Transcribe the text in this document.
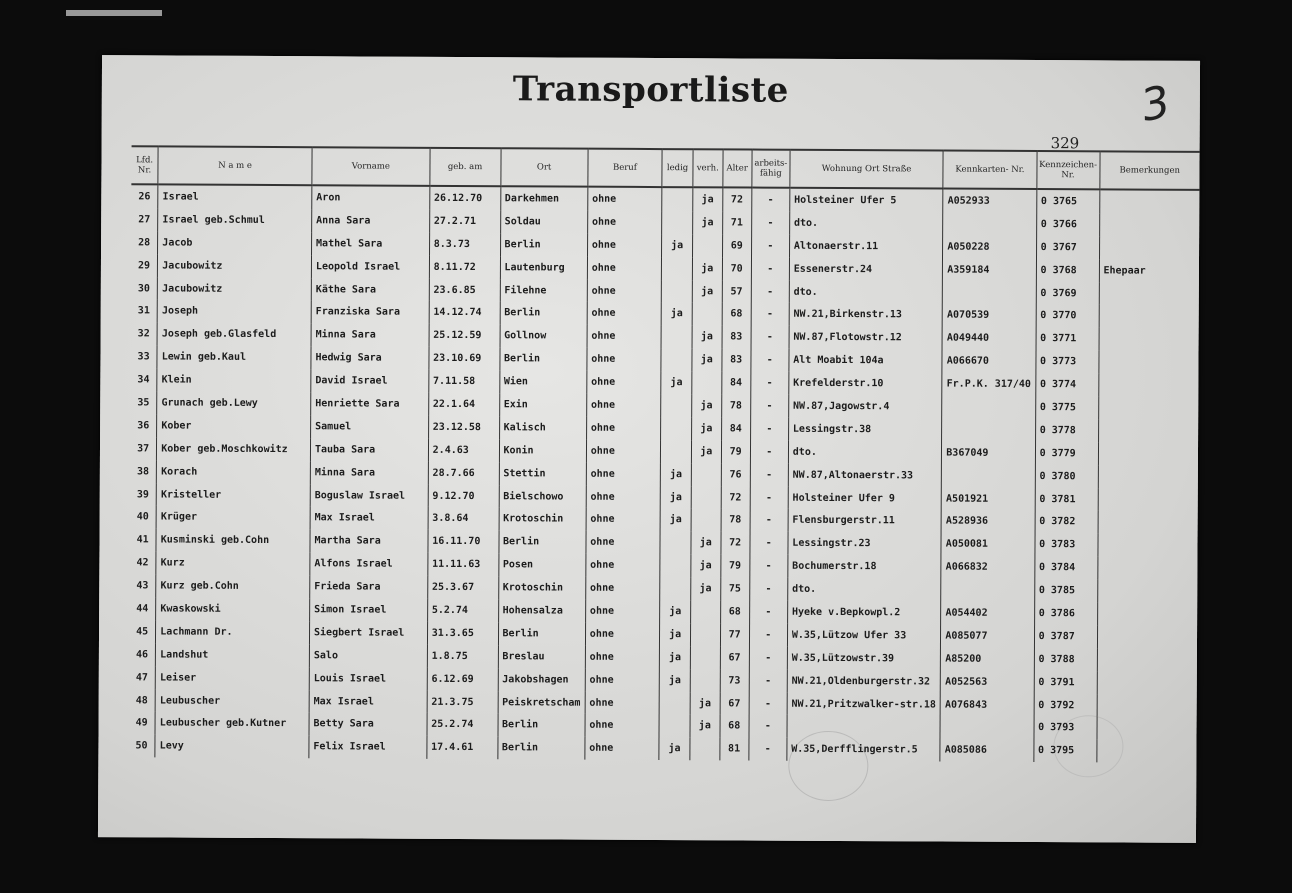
Transportliste	3
329
Lfd. Nr.	N a m e	Vorname	geb. am	Ort	Beruf	ledig	verh.	Alter	arbeits- fähig	Wohnung Ort Straße	Kennkarten- Nr.	Kennzeichen- Nr.	Bemerkungen
26	Israel	Aron	26.12.70	Darkehmen	ohne		ja	72	-	Holsteiner Ufer 5	A052933	0 3765	
27	Israel geb.Schmul	Anna Sara	27.2.71	Soldau	ohne		ja	71	-	dto.		0 3766	
28	Jacob	Mathel Sara	8.3.73	Berlin	ohne	ja		69	-	Altonaerstr.11	A050228	0 3767	
29	Jacubowitz	Leopold Israel	8.11.72	Lautenburg	ohne		ja	70	-	Essenerstr.24	A359184	0 3768	Ehepaar
30	Jacubowitz	Käthe Sara	23.6.85	Filehne	ohne		ja	57	-	dto.		0 3769	
31	Joseph	Franziska Sara	14.12.74	Berlin	ohne	ja		68	-	NW.21,Birkenstr.13	A070539	0 3770	
32	Joseph geb.Glasfeld	Minna Sara	25.12.59	Gollnow	ohne		ja	83	-	NW.87,Flotowstr.12	A049440	0 3771	
33	Lewin geb.Kaul	Hedwig Sara	23.10.69	Berlin	ohne		ja	83	-	Alt Moabit 104a	A066670	0 3773	
34	Klein	David Israel	7.11.58	Wien	ohne	ja		84	-	Krefelderstr.10	Fr.P.K. 317/40	0 3774	
35	Grunach geb.Lewy	Henriette Sara	22.1.64	Exin	ohne		ja	78	-	NW.87,Jagowstr.4		0 3775	
36	Kober	Samuel	23.12.58	Kalisch	ohne		ja	84	-	Lessingstr.38		0 3778	
37	Kober geb.Moschkowitz	Tauba Sara	2.4.63	Konin	ohne		ja	79	-	dto.	B367049	0 3779	
38	Korach	Minna Sara	28.7.66	Stettin	ohne	ja		76	-	NW.87,Altonaerstr.33		0 3780	
39	Kristeller	Boguslaw Israel	9.12.70	Bielschowo	ohne	ja		72	-	Holsteiner Ufer 9	A501921	0 3781	
40	Krüger	Max Israel	3.8.64	Krotoschin	ohne	ja		78	-	Flensburgerstr.11	A528936	0 3782	
41	Kusminski geb.Cohn	Martha Sara	16.11.70	Berlin	ohne		ja	72	-	Lessingstr.23	A050081	0 3783	
42	Kurz	Alfons Israel	11.11.63	Posen	ohne		ja	79	-	Bochumerstr.18	A066832	0 3784	
43	Kurz geb.Cohn	Frieda Sara	25.3.67	Krotoschin	ohne		ja	75	-	dto.		0 3785	
44	Kwaskowski	Simon Israel	5.2.74	Hohensalza	ohne	ja		68	-	Hyeke v.Bepkowpl.2	A054402	0 3786	
45	Lachmann Dr.	Siegbert Israel	31.3.65	Berlin	ohne	ja		77	-	W.35,Lützow Ufer 33	A085077	0 3787	
46	Landshut	Salo	1.8.75	Breslau	ohne	ja		67	-	W.35,Lützowstr.39	A85200	0 3788	
47	Leiser	Louis Israel	6.12.69	Jakobshagen	ohne	ja		73	-	NW.21,Oldenburgerstr.32	A052563	0 3791	
48	Leubuscher	Max Israel	21.3.75	Peiskretscham	ohne		ja	67	-	NW.21,Pritzwalker-str.18	A076843	0 3792	
49	Leubuscher geb.Kutner	Betty Sara	25.2.74	Berlin	ohne		ja	68	-			0 3793	
50	Levy	Felix Israel	17.4.61	Berlin	ohne	ja		81	-	W.35,Derfflingerstr.5	A085086	0 3795	
